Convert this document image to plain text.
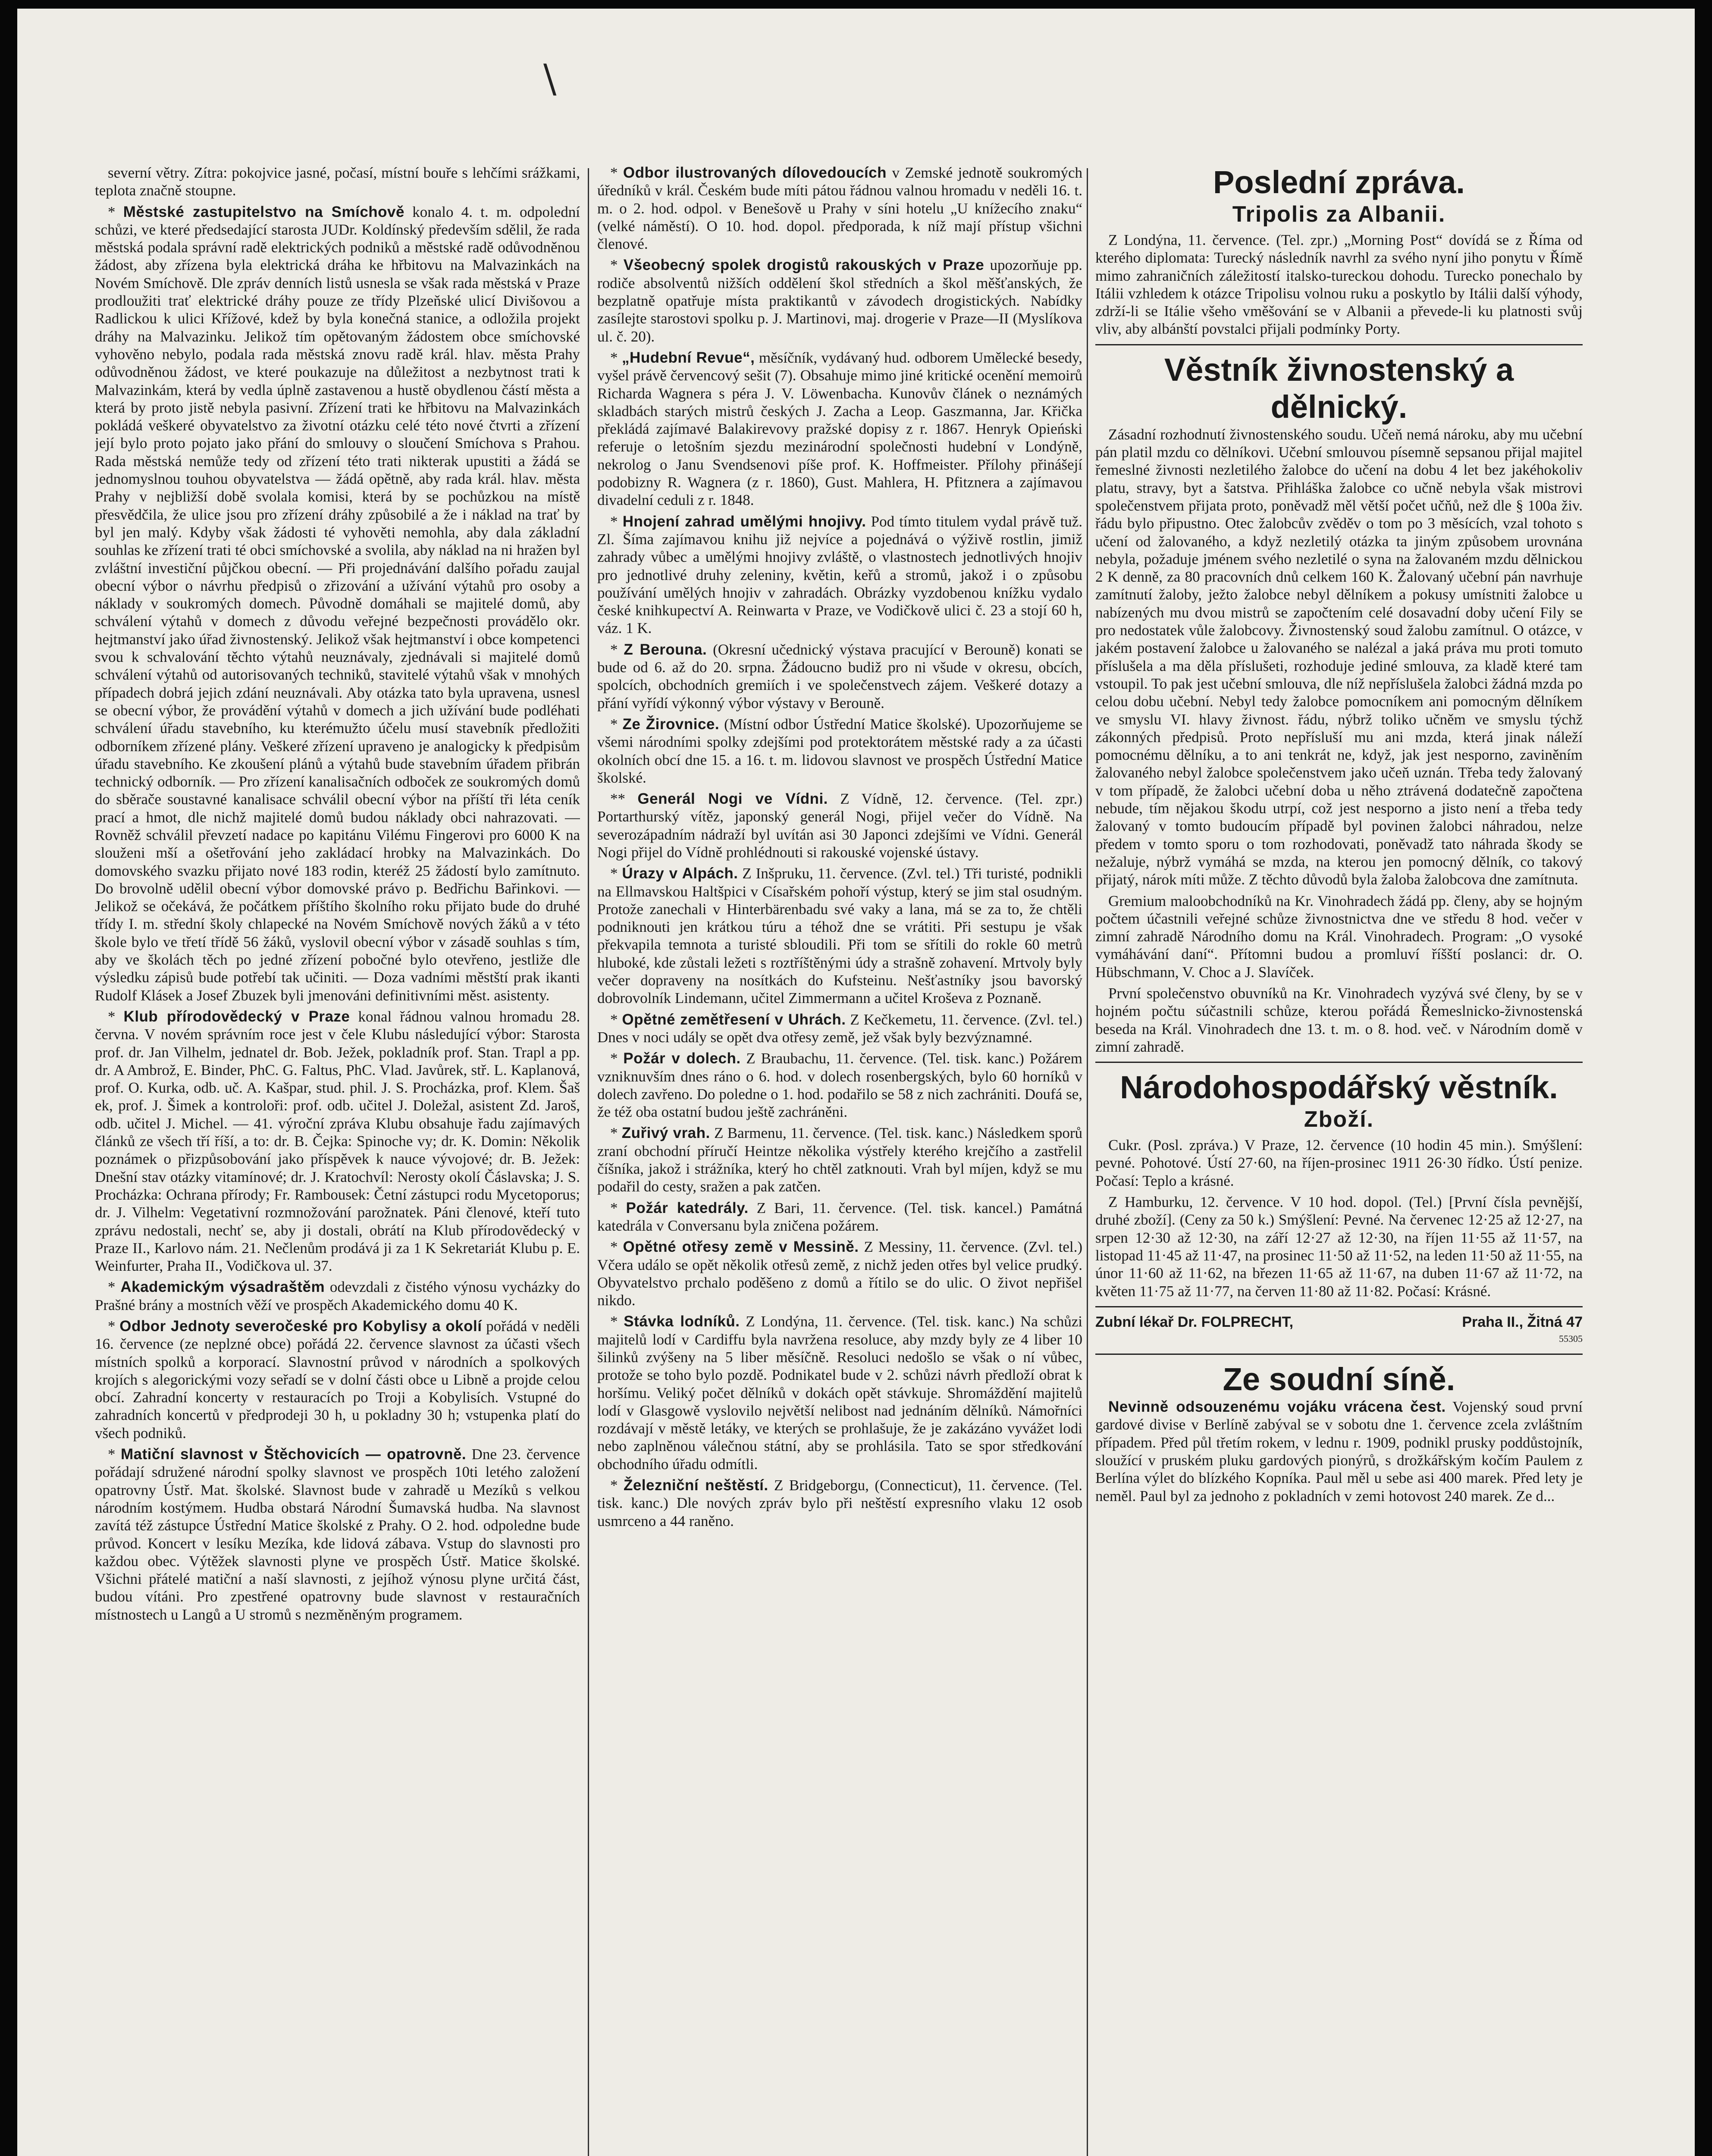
\

severní větry. Zítra: pokojvice jasné, počasí, místní bouře s lehčími srážkami, teplota značně stoupne.

* Městské zastupitelstvo na Smíchově konalo 4. t. m. odpolední schůzi, ve které předsedající starosta JUDr. Koldínský především sdělil, že rada městská podala správní radě elektrických podniků a městské radě odůvodněnou žádost, aby zřízena byla elektrická dráha ke hřbitovu na Malvazinkách na Novém Smíchově. Dle zpráv denních listů usnesla se však rada městská v Praze prodloužiti trať elektrické dráhy pouze ze třídy Plzeňské ulicí Divišovou a Radlickou k ulici Křížové, kdež by byla konečná stanice, a odložila projekt dráhy na Malvazinku. Jelikož tím opětovaným žádostem obce smíchovské vyhověno nebylo, podala rada městská znovu radě král. hlav. města Prahy odůvodněnou žádost, ve které poukazuje na důležitost a nezbytnost trati k Malvazinkám, která by vedla úplně zastavenou a hustě obydlenou částí města a která by proto jistě nebyla pasivní. Zřízení trati ke hřbitovu na Malvazinkách pokládá veškeré obyvatelstvo za životní otázku celé této nové čtvrti a zřízení její bylo proto pojato jako přání do smlouvy o sloučení Smíchova s Prahou. Rada městská nemůže tedy od zřízení této trati nikterak upustiti a žádá se jednomyslnou touhou obyvatelstva — žádá opětně, aby rada král. hlav. města Prahy v nejbližší době svolala komisi, která by se pochůzkou na místě přesvědčila, že ulice jsou pro zřízení dráhy způsobilé a že i náklad na trať by byl jen malý. Kdyby však žádosti té vyhověti nemohla, aby dala základní souhlas ke zřízení trati té obci smíchovské a svolila, aby náklad na ni hražen byl zvláštní investiční půjčkou obecní. — Při projednávání dalšího pořadu zaujal obecní výbor o návrhu předpisů o zřizování a užívání výtahů pro osoby a náklady v soukromých domech. Původně domáhali se majitelé domů, aby schválení výtahů v domech z důvodu veřejné bezpečnosti provádělo okr. hejtmanství jako úřad živnostenský. Jelikož však hejtmanství i obce kompetenci svou k schvalování těchto výtahů neuznávaly, zjednávali si majitelé domů schválení výtahů od autorisovaných techniků, stavitelé výtahů však v mnohých případech dobrá jejich zdání neuznávali. Aby otázka tato byla upravena, usnesl se obecní výbor, že provádění výtahů v domech a jich užívání bude podléhati schválení úřadu stavebního, ku kterémužto účelu musí stavebník předložiti odborníkem zřízené plány. Veškeré zřízení upraveno je analogicky k předpisům úřadu stavebního. Ke zkoušení plánů a výtahů bude stavebním úřadem přibrán technický odborník. — Pro zřízení kanalisačních odboček ze soukromých domů do sběrače soustavné kanalisace schválil obecní výbor na příští tři léta ceník prací a hmot, dle nichž majitelé domů budou náklady obci nahrazovati. — Rovněž schválil převzetí nadace po kapitánu Vilému Fingerovi pro 6000 K na slouženi mší a ošetřování jeho zakládací hrobky na Malvazinkách. Do domovského svazku přijato nové 183 rodin, kteréž 25 žádostí bylo zamítnuto. Do brovolně udělil obecní výbor domovské právo p. Bedřichu Bařinkovi. — Jelikož se očekává, že počátkem příštího školního roku přijato bude do druhé třídy I. m. střední školy chlapecké na Novém Smíchově nových žáků a v této škole bylo ve třetí třídě 56 žáků, vyslovil obecní výbor v zásadě souhlas s tím, aby ve školách těch po jedné zřízení pobočné bylo otevřeno, jestliže dle výsledku zápisů bude potřebí tak učiniti. — Doza vadními městští prak ikanti Rudolf Klásek a Josef Zbuzek byli jmenováni definitivními měst. asistenty.

* Klub přírodovědecký v Praze konal řádnou valnou hromadu 28. června. V novém správním roce jest v čele Klubu následující výbor: Starosta prof. dr. Jan Vilhelm, jednatel dr. Bob. Ježek, pokladník prof. Stan. Trapl a pp. dr. A Ambrož, E. Binder, PhC. G. Faltus, PhC. Vlad. Javůrek, stř. L. Kaplanová, prof. O. Kurka, odb. uč. A. Kašpar, stud. phil. J. S. Procházka, prof. Klem. Šaš ek, prof. J. Šimek a kontroloři: prof. odb. učitel J. Doležal, asistent Zd. Jaroš, odb. učitel J. Michel. — 41. výroční zpráva Klubu obsahuje řadu zajímavých článků ze všech tří říší, a to: dr. B. Čejka: Spinoche vy; dr. K. Domin: Několik poznámek o přizpůsobování jako příspěvek k nauce vývojové; dr. B. Ježek: Dnešní stav otázky vitamínové; dr. J. Kratochvíl: Nerosty okolí Čáslavska; J. S. Procházka: Ochrana přírody; Fr. Rambousek: Četní zástupci rodu Mycetoporus; dr. J. Vilhelm: Vegetativní rozmnožování parožnatek. Páni členové, kteří tuto zprávu nedostali, nechť se, aby ji dostali, obrátí na Klub přírodovědecký v Praze II., Karlovo nám. 21. Nečlenům prodává ji za 1 K Sekretariát Klubu p. E. Weinfurter, Praha II., Vodičkova ul. 37.

* Akademickým výsadraštěm odevzdali z čistého výnosu vycházky do Prašné brány a mostních věží ve prospěch Akademického domu 40 K.

* Odbor Jednoty severočeské pro Kobylisy a okolí pořádá v neděli 16. července (ze neplzné obce) pořádá 22. července slavnost za účasti všech místních spolků a korporací. Slavnostní průvod v národních a spolkových krojích s alegorickými vozy seřadí se v dolní části obce u Libně a projde celou obcí. Zahradní koncerty v restauracích po Troji a Kobylisích. Vstupné do zahradních koncertů v předprodeji 30 h, u pokladny 30 h; vstupenka platí do všech podniků.

* Matiční slavnost v Štěchovicích — opatrovně. Dne 23. července pořádají sdružené národní spolky slavnost ve prospěch 10ti letého založení opatrovny Ústř. Mat. školské. Slavnost bude v zahradě u Mezíků s velkou národním kostýmem. Hudba obstará Národní Šumavská hudba. Na slavnost zavítá též zástupce Ústřední Matice školské z Prahy. O 2. hod. odpoledne bude průvod. Koncert v lesíku Mezíka, kde lidová zábava. Vstup do slavnosti pro každou obec. Výtěžek slavnosti plyne ve prospěch Ústř. Matice školské. Všichni přátelé matiční a naší slavnosti, z jejíhož výnosu plyne určitá část, budou vítáni. Pro zpestřené opatrovny bude slavnost v restauračních místnostech u Langů a U stromů s nezměněným programem.

* Odbor ilustrovaných dílovedoucích v Zemské jednotě soukromých úředníků v král. Českém bude míti pátou řádnou valnou hromadu v neděli 16. t. m. o 2. hod. odpol. v Benešově u Prahy v síni hotelu „U knížecího znaku“ (velké náměstí). O 10. hod. dopol. předporada, k níž mají přístup všichni členové.

* Všeobecný spolek drogistů rakouských v Praze upozorňuje pp. rodiče absolventů nižších oddělení škol středních a škol měšťanských, že bezplatně opatřuje místa praktikantů v závodech drogistických. Nabídky zasílejte starostovi spolku p. J. Martinovi, maj. drogerie v Praze—II (Myslíkova ul. č. 20).

* „Hudební Revue“, měsíčník, vydávaný hud. odborem Umělecké besedy, vyšel právě červencový sešit (7). Obsahuje mimo jiné kritické ocenění memoirů Richarda Wagnera s péra J. V. Löwenbacha. Kunovův článek o neznámých skladbách starých mistrů českých J. Zacha a Leop. Gaszmanna, Jar. Křička překládá zajímavé Balakirevovy pražské dopisy z r. 1867. Henryk Opieński referuje o letošním sjezdu mezinárodní společnosti hudební v Londýně, nekrolog o Janu Svendsenovi píše prof. K. Hoffmeister. Přílohy přinášejí podobizny R. Wagnera (z r. 1860), Gust. Mahlera, H. Pfitznera a zajímavou divadelní ceduli z r. 1848.

* Hnojení zahrad umělými hnojivy. Pod tímto titulem vydal právě tuž. Zl. Šíma zajímavou knihu již nejvíce a pojednává o výživě rostlin, jimiž zahrady vůbec a umělými hnojivy zvláště, o vlastnostech jednotlivých hnojiv pro jednotlivé druhy zeleniny, květin, keřů a stromů, jakož i o způsobu používání umělých hnojiv v zahradách. Obrázky vyzdobenou knížku vydalo české knihkupectví A. Reinwarta v Praze, ve Vodičkově ulici č. 23 a stojí 60 h, váz. 1 K.

* Z Berouna. (Okresní učednický výstava pracující v Berouně) konati se bude od 6. až do 20. srpna. Žádoucno budiž pro ni všude v okresu, obcích, spolcích, obchodních gremiích i ve společenstvech zájem. Veškeré dotazy a přání vyřídí výkonný výbor výstavy v Berouně.

* Ze Žirovnice. (Místní odbor Ústřední Matice školské). Upozorňujeme se všemi národními spolky zdejšími pod protektorátem městské rady a za účasti okolních obcí dne 15. a 16. t. m. lidovou slavnost ve prospěch Ústřední Matice školské.

** Generál Nogi ve Vídni. Z Vídně, 12. července. (Tel. zpr.) Portarthurský vítěz, japonský generál Nogi, přijel večer do Vídně. Na severozápadním nádraží byl uvítán asi 30 Japonci zdejšími ve Vídni. Generál Nogi přijel do Vídně prohlédnouti si rakouské vojenské ústavy.

* Úrazy v Alpách. Z Inšpruku, 11. července. (Zvl. tel.) Tři turisté, podnikli na Ellmavskou Haltšpici v Císařském pohoří výstup, který se jim stal osudným. Protože zanechali v Hinterbärenbadu své vaky a lana, má se za to, že chtěli podniknouti jen krátkou túru a téhož dne se vrátiti. Při sestupu je však překvapila temnota a turisté sbloudili. Při tom se sřítili do rokle 60 metrů hluboké, kde zůstali ležeti s roztříštěnými údy a strašně zohavení. Mrtvoly byly večer dopraveny na nosítkách do Kufsteinu. Nešťastníky jsou bavorský dobrovolník Lindemann, učitel Zimmermann a učitel Kroševa z Poznaně.

* Opětné zemětřesení v Uhrách. Z Kečkemetu, 11. července. (Zvl. tel.) Dnes v noci udály se opět dva otřesy země, jež však byly bezvýznamné.

* Požár v dolech. Z Braubachu, 11. července. (Tel. tisk. kanc.) Požárem vzniknuvším dnes ráno o 6. hod. v dolech rosenbergských, bylo 60 horníků v dolech zavřeno. Do poledne o 1. hod. podařilo se 58 z nich zachrániti. Doufá se, že též oba ostatní budou ještě zachráněni.

* Zuřivý vrah. Z Barmenu, 11. července. (Tel. tisk. kanc.) Následkem sporů zraní obchodní příručí Heintze několika výstřely kterého krejčího a zastřelil číšníka, jakož i strážníka, který ho chtěl zatknouti. Vrah byl míjen, když se mu podařil do cesty, sražen a pak zatčen.

* Požár katedrály. Z Bari, 11. července. (Tel. tisk. kancel.) Památná katedrála v Conversanu byla zničena požárem.

* Opětné otřesy země v Messině. Z Messiny, 11. července. (Zvl. tel.) Včera událo se opět několik otřesů země, z nichž jeden otřes byl velice prudký. Obyvatelstvo prchalo poděšeno z domů a řítilo se do ulic. O život nepřišel nikdo.

* Stávka lodníků. Z Londýna, 11. července. (Tel. tisk. kanc.) Na schůzi majitelů lodí v Cardiffu byla navržena resoluce, aby mzdy byly ze 4 liber 10 šilinků zvýšeny na 5 liber měsíčně. Resoluci nedošlo se však o ní vůbec, protože se toho bylo pozdě. Podnikatel bude v 2. schůzi návrh předloží obrat k horšímu. Veliký počet dělníků v dokách opět stávkuje. Shromáždění majitelů lodí v Glasgowě vyslovilo největší nelibost nad jednáním dělníků. Námořníci rozdávají v městě letáky, ve kterých se prohlašuje, že je zakázáno vyvážet lodi nebo zaplněnou válečnou státní, aby se prohlásila. Tato se spor středkování obchodního úřadu odmítli.

* Železniční neštěstí. Z Bridgeborgu, (Connecticut), 11. července. (Tel. tisk. kanc.) Dle nových zpráv bylo při neštěstí expresního vlaku 12 osob usmrceno a 44 raněno.

Poslední zpráva.
Tripolis za Albanii.

Z Londýna, 11. července. (Tel. zpr.) „Morning Post“ dovídá se z Říma od kterého diplomata: Turecký následník navrhl za svého nyní jiho ponytu v Římě mimo zahraničních záležitostí italsko-tureckou dohodu. Turecko ponechalo by Itálii vzhledem k otázce Tripolisu volnou ruku a poskytlo by Itálii další výhody, zdrží-li se Itálie všeho vměšování se v Albanii a převede-li ku platnosti svůj vliv, aby albánští povstalci přijali podmínky Porty.

Věstník živnostenský a dělnický.

Zásadní rozhodnutí živnostenského soudu. Učeň nemá nároku, aby mu učební pán platil mzdu co dělníkovi. Učební smlouvou písemně sepsanou přijal majitel řemeslné živnosti nezletilého žalobce do učení na dobu 4 let bez jakéhokoliv platu, stravy, byt a šatstva. Přihláška žalobce co učně nebyla však mistrovi společenstvem přijata proto, poněvadž měl větší počet učňů, než dle § 100a živ. řádu bylo připustno. Otec žalobcův zvěděv o tom po 3 měsících, vzal tohoto s učení od žalovaného, a když nezletilý otázka ta jiným způsobem urovnána nebyla, požaduje jménem svého nezletilé o syna na žalovaném mzdu dělnickou 2 K denně, za 80 pracovních dnů celkem 160 K. Žalovaný učební pán navrhuje zamítnutí žaloby, ježto žalobce nebyl dělníkem a pokusy umístniti žalobce u nabízených mu dvou mistrů se započtením celé dosavadní doby učení Fily se pro nedostatek vůle žalobcovy. Živnostenský soud žalobu zamítnul. O otázce, v jakém postavení žalobce u žalovaného se nalézal a jaká práva mu proti tomuto příslušela a ma děla příslušeti, rozhoduje jediné smlouva, za kladě které tam vstoupil. To pak jest učební smlouva, dle níž nepříslušela žalobci žádná mzda po celou dobu učební. Nebyl tedy žalobce pomocníkem ani pomocným dělníkem ve smyslu VI. hlavy živnost. řádu, nýbrž toliko učněm ve smyslu týchž zákonných předpisů. Proto nepřísluší mu ani mzda, která jinak náleží pomocnému dělníku, a to ani tenkrát ne, když, jak jest nesporno, zaviněním žalovaného nebyl žalobce společenstvem jako učeň uznán. Třeba tedy žalovaný v tom případě, že žalobci učební doba u něho ztrávená dodatečně započtena nebude, tím nějakou škodu utrpí, což jest nesporno a jisto není a třeba tedy žalovaný v tomto budoucím případě byl povinen žalobci náhradou, nelze předem v tomto sporu o tom rozhodovati, poněvadž tato náhrada škody se nežaluje, nýbrž vymáhá se mzda, na kterou jen pomocný dělník, co takový přijatý, nárok míti může. Z těchto důvodů byla žaloba žalobcova dne zamítnuta.

Gremium maloobchodníků na Kr. Vinohradech žádá pp. členy, aby se hojným počtem účastnili veřejné schůze živnostnictva dne ve středu 8 hod. večer v zimní zahradě Národního domu na Král. Vinohradech. Program: „O vysoké vymáhávání daní“. Přítomni budou a promluví říšští poslanci: dr. O. Hübschmann, V. Choc a J. Slavíček.

První společenstvo obuvníků na Kr. Vinohradech vyzývá své členy, by se v hojném počtu súčastnili schůze, kterou pořádá Řemeslnicko-živnostenská beseda na Král. Vinohradech dne 13. t. m. o 8. hod. več. v Národním domě v zimní zahradě.

Národohospodářský věstník.
Zboží.

Cukr. (Posl. zpráva.) V Praze, 12. července (10 hodin 45 min.). Smýšlení: pevné. Pohotové. Ústí 27·60, na říjen-prosinec 1911 26·30 řídko. Ústí penize. Počasí: Teplo a krásné.

Z Hamburku, 12. července. V 10 hod. dopol. (Tel.) [První čísla pevnější, druhé zboží]. (Ceny za 50 k.) Smýšlení: Pevné. Na červenec 12·25 až 12·27, na srpen 12·30 až 12·30, na září 12·27 až 12·30, na říjen 11·55 až 11·57, na listopad 11·45 až 11·47, na prosinec 11·50 až 11·52, na leden 11·50 až 11·55, na únor 11·60 až 11·62, na březen 11·65 až 11·67, na duben 11·67 až 11·72, na květen 11·75 až 11·77, na červen 11·80 až 11·82. Počasí: Krásné.

Zubní lékař Dr. FOLPRECHT,	Praha II., Žitná 47
55305
Ze soudní síně.

Nevinně odsouzenému vojáku vrácena čest. Vojenský soud první gardové divise v Berlíně zabýval se v sobotu dne 1. července zcela zvláštním případem. Před půl třetím rokem, v lednu r. 1909, podnikl prusky poddůstojník, sloužící v pruském pluku gardových pionýrů, s drožkářským kočím Paulem z Berlína výlet do blízkého Kopníka. Paul měl u sebe asi 400 marek. Před lety je neměl. Paul byl za jednoho z pokladních v zemi hotovost 240 marek. Ze d...
